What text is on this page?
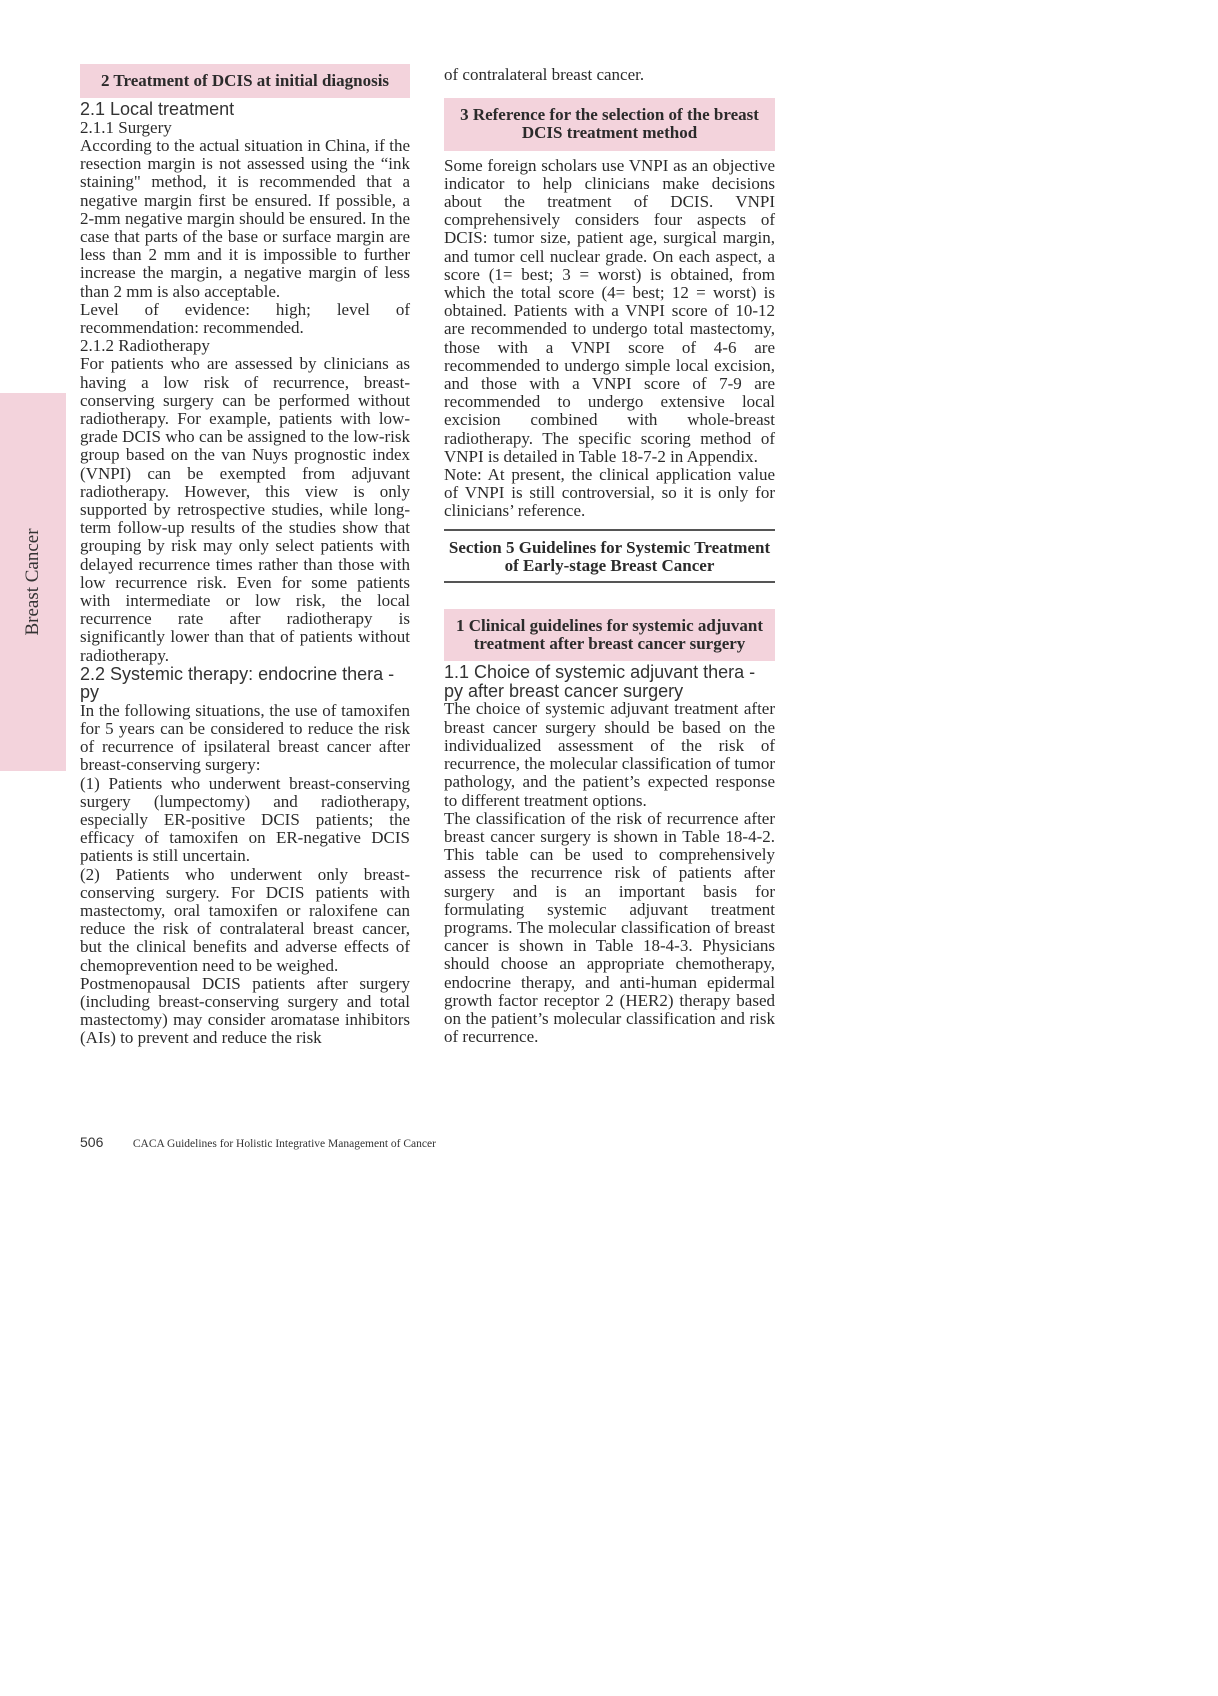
Breast Cancer
2 Treatment of DCIS at initial diagnosis
2.1 Local treatment
2.1.1 Surgery

According to the actual situation in China, if the resection margin is not assessed using the “ink staining" method, it is recommended that a negative margin first be ensured. If possible, a 2-mm negative margin should be ensured. In the case that parts of the base or surface margin are less than 2 mm and it is impossible to further increase the margin, a negative margin of less than 2 mm is also acceptable.

Level of evidence: high; level of recommendation: recommended.

2.1.2 Radiotherapy

For patients who are assessed by clinicians as having a low risk of recurrence, breast-conserving surgery can be performed without radiotherapy. For example, patients with low-grade DCIS who can be assigned to the low-risk group based on the van Nuys prognostic index (VNPI) can be exempted from adjuvant radiotherapy. However, this view is only supported by retrospective studies, while long-term follow-up results of the studies show that grouping by risk may only select patients with delayed recurrence times rather than those with low recurrence risk. Even for some patients with intermediate or low risk, the local recurrence rate after radiotherapy is significantly lower than that of patients without radiotherapy.

2.2 Systemic therapy: endocrine thera - py

In the following situations, the use of tamoxifen for 5 years can be considered to reduce the risk of recurrence of ipsilateral breast cancer after breast-conserving surgery:

(1) Patients who underwent breast-conserving surgery (lumpectomy) and radiotherapy, especially ER-positive DCIS patients; the efficacy of tamoxifen on ER-negative DCIS patients is still uncertain.

(2) Patients who underwent only breast-conserving surgery. For DCIS patients with mastectomy, oral tamoxifen or raloxifene can reduce the risk of contralateral breast cancer, but the clinical benefits and adverse effects of chemoprevention need to be weighed.

Postmenopausal DCIS patients after surgery (including breast-conserving surgery and total mastectomy) may consider aromatase inhibitors (AIs) to prevent and reduce the risk

of contralateral breast cancer.

3 Reference for the selection of the breast DCIS treatment method

Some foreign scholars use VNPI as an objective indicator to help clinicians make decisions about the treatment of DCIS. VNPI comprehensively considers four aspects of DCIS: tumor size, patient age, surgical margin, and tumor cell nuclear grade. On each aspect, a score (1= best; 3 = worst) is obtained, from which the total score (4= best; 12 = worst) is obtained. Patients with a VNPI score of 10-12 are recommended to undergo total mastectomy, those with a VNPI score of 4-6 are recommended to undergo simple local excision, and those with a VNPI score of 7-9 are recommended to undergo extensive local excision combined with whole-breast radiotherapy. The specific scoring method of VNPI is detailed in Table 18-7-2 in Appendix.

Note: At present, the clinical application value of VNPI is still controversial, so it is only for clinicians’ reference.

Section 5 Guidelines for Systemic Treatment of Early-stage Breast Cancer
1 Clinical guidelines for systemic adjuvant treatment after breast cancer surgery
1.1 Choice of systemic adjuvant thera - py after breast cancer surgery

The choice of systemic adjuvant treatment after breast cancer surgery should be based on the individualized assessment of the risk of recurrence, the molecular classification of tumor pathology, and the patient’s expected response to different treatment options.

The classification of the risk of recurrence after breast cancer surgery is shown in Table 18-4-2. This table can be used to comprehensively assess the recurrence risk of patients after surgery and is an important basis for formulating systemic adjuvant treatment programs. The molecular classification of breast cancer is shown in Table 18-4-3. Physicians should choose an appropriate chemotherapy, endocrine therapy, and anti-human epidermal growth factor receptor 2 (HER2) therapy based on the patient’s molecular classification and risk of recurrence.

506	CACA Guidelines for Holistic Integrative Management of Cancer
